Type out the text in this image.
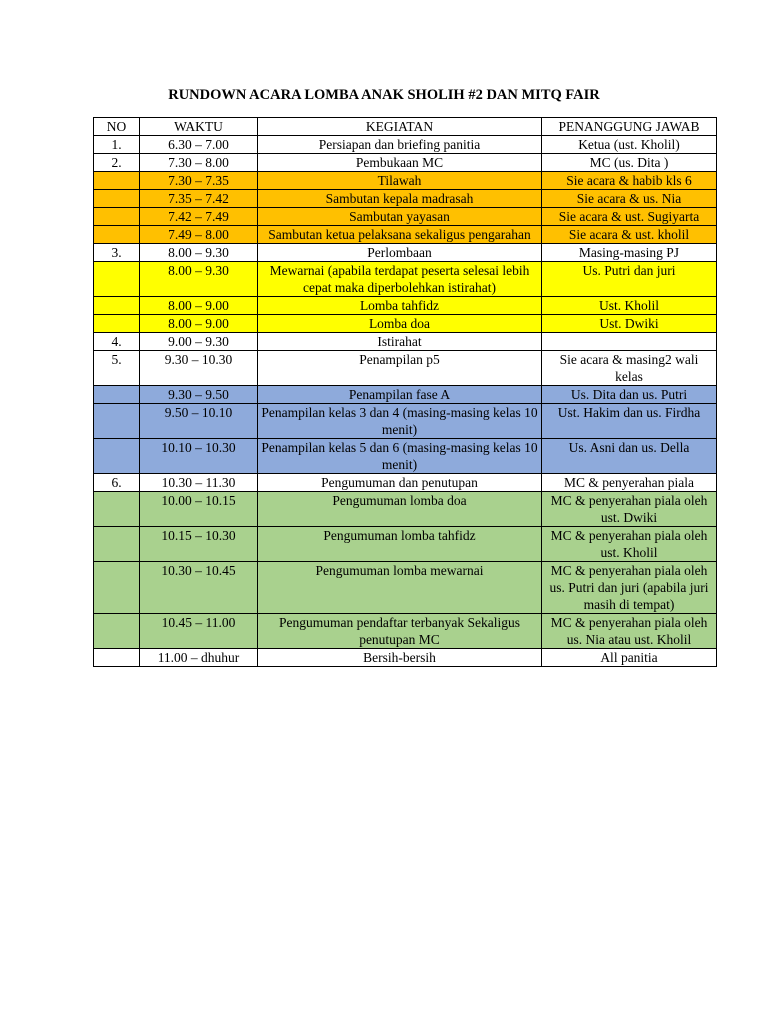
RUNDOWN ACARA LOMBA ANAK SHOLIH #2 DAN MITQ FAIR
NO	WAKTU	KEGIATAN	PENANGGUNG JAWAB
1.	6.30 – 7.00	Persiapan dan briefing panitia	Ketua (ust. Kholil)
2.	7.30 – 8.00	Pembukaan MC	MC (us. Dita )
	7.30 – 7.35	Tilawah	Sie acara & habib kls 6
	7.35 – 7.42	Sambutan kepala madrasah	Sie acara & us. Nia
	7.42 – 7.49	Sambutan yayasan	Sie acara & ust. Sugiyarta
	7.49 – 8.00	Sambutan ketua pelaksana sekaligus pengarahan	Sie acara & ust. kholil
3.	8.00 – 9.30	Perlombaan	Masing-masing PJ
	8.00 – 9.30	Mewarnai (apabila terdapat peserta selesai lebih cepat maka diperbolehkan istirahat)	Us. Putri dan juri
	8.00 – 9.00	Lomba tahfidz	Ust. Kholil
	8.00 – 9.00	Lomba doa	Ust. Dwiki
4.	9.00 – 9.30	Istirahat	
5.	9.30 – 10.30	Penampilan p5	Sie acara & masing2 wali kelas
	9.30 – 9.50	Penampilan fase A	Us. Dita dan us. Putri
	9.50 – 10.10	Penampilan kelas 3 dan 4 (masing-masing kelas 10 menit)	Ust. Hakim dan us. Firdha
	10.10 – 10.30	Penampilan kelas 5 dan 6 (masing-masing kelas 10 menit)	Us. Asni dan us. Della
6.	10.30 – 11.30	Pengumuman dan penutupan	MC & penyerahan piala
	10.00 – 10.15	Pengumuman lomba doa	MC & penyerahan piala oleh ust. Dwiki
	10.15 – 10.30	Pengumuman lomba tahfidz	MC & penyerahan piala oleh ust. Kholil
	10.30 – 10.45	Pengumuman lomba mewarnai	MC & penyerahan piala oleh us. Putri dan juri (apabila juri masih di tempat)
	10.45 – 11.00	Pengumuman pendaftar terbanyak Sekaligus penutupan MC	MC & penyerahan piala oleh us. Nia atau ust. Kholil
	11.00 – dhuhur	Bersih-bersih	All panitia
